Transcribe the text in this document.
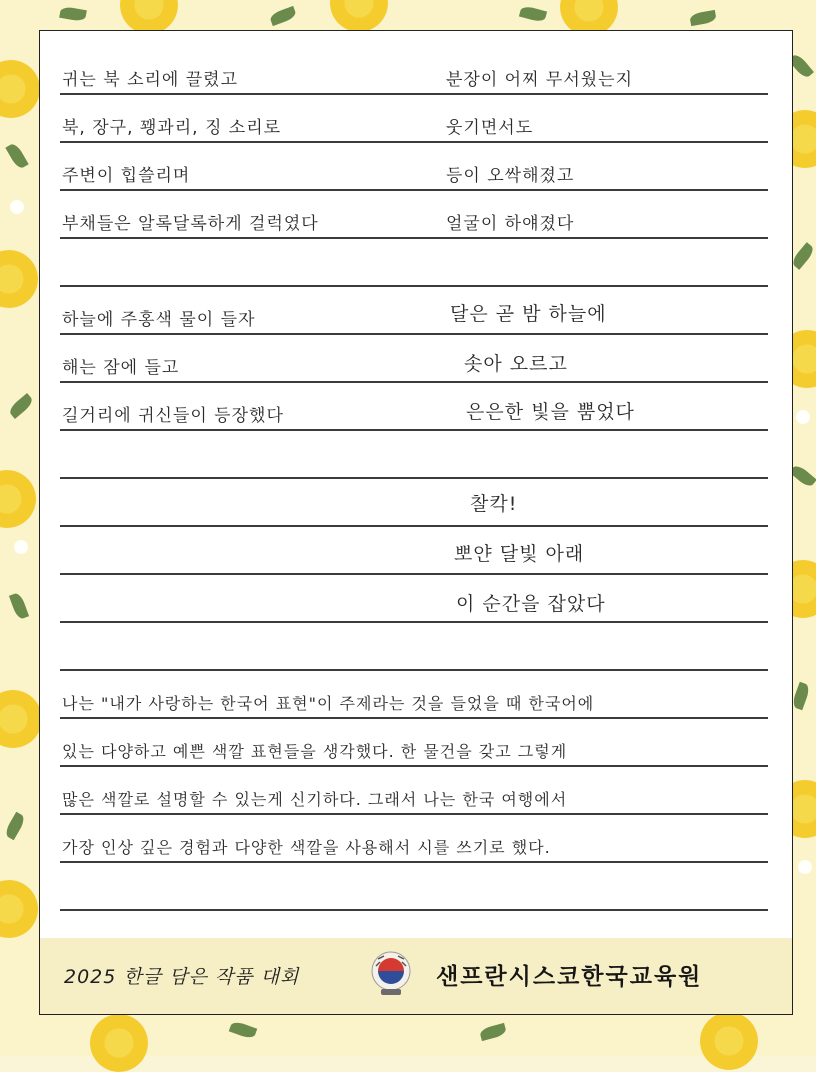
귀는 북 소리에 끌렸고
북, 장구, 꽹과리, 징 소리로
주변이 힙쓸리며
부채들은 알록달록하게 걸럭였다
하늘에 주홍색 물이 들자
해는 잠에 들고
길거리에 귀신들이 등장했다
분장이 어찌 무서웠는지
웃기면서도
등이 오싹해졌고
얼굴이 하얘졌다
달은 곧 밤 하늘에
솟아 오르고
은은한 빛을 뿜었다
찰칵!
뽀얀 달빛 아래
이 순간을 잡았다
나는 "내가 사랑하는 한국어 표현"이 주제라는 것을 들었을 때 한국어에
있는 다양하고 예쁜 색깔 표현들을 생각했다. 한 물건을 갖고 그렇게
많은 색깔로 설명할 수 있는게 신기하다. 그래서 나는 한국 여행에서
가장 인상 깊은 경험과 다양한 색깔을 사용해서 시를 쓰기로 했다.
2025 한글 담은 작품 대회	샌프란시스코한국교육원
